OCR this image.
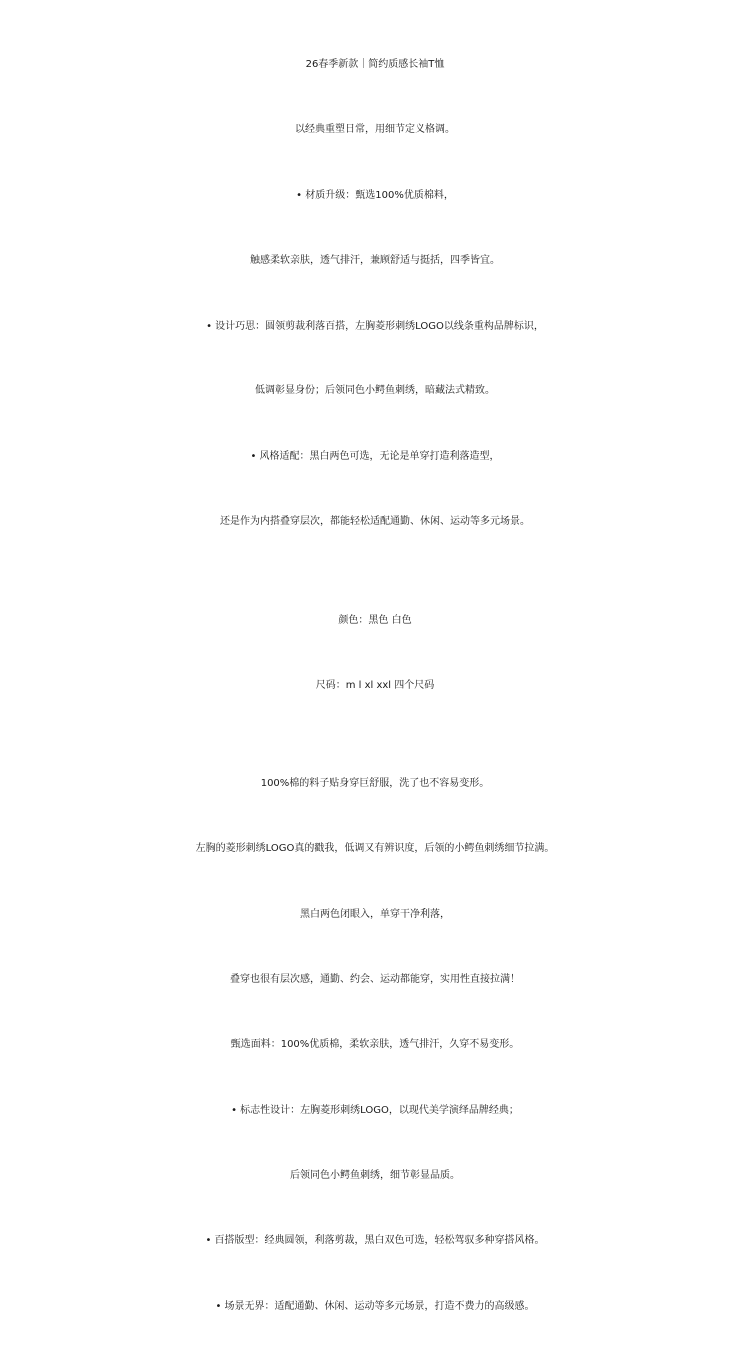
26春季新款｜简约质感长袖T恤
以经典重塑日常，用细节定义格调。
• 材质升级：甄选100%优质棉料，
触感柔软亲肤，透气排汗，兼顾舒适与挺括，四季皆宜。
• 设计巧思：圆领剪裁利落百搭，左胸菱形刺绣LOGO以线条重构品牌标识，
低调彰显身份；后领同色小鳄鱼刺绣，暗藏法式精致。
• 风格适配：黑白两色可选，无论是单穿打造利落造型，
还是作为内搭叠穿层次，都能轻松适配通勤、休闲、运动等多元场景。
颜色：黑色 白色
尺码：m l xl xxl 四个尺码
100%棉的料子贴身穿巨舒服，洗了也不容易变形。
左胸的菱形刺绣LOGO真的戳我，低调又有辨识度，后领的小鳄鱼刺绣细节拉满。
黑白两色闭眼入，单穿干净利落，
叠穿也很有层次感，通勤、约会、运动都能穿，实用性直接拉满！
甄选面料：100%优质棉，柔软亲肤，透气排汗，久穿不易变形。
• 标志性设计：左胸菱形刺绣LOGO，以现代美学演绎品牌经典；
后领同色小鳄鱼刺绣，细节彰显品质。
• 百搭版型：经典圆领，利落剪裁，黑白双色可选，轻松驾驭多种穿搭风格。
• 场景无界：适配通勤、休闲、运动等多元场景，打造不费力的高级感。
